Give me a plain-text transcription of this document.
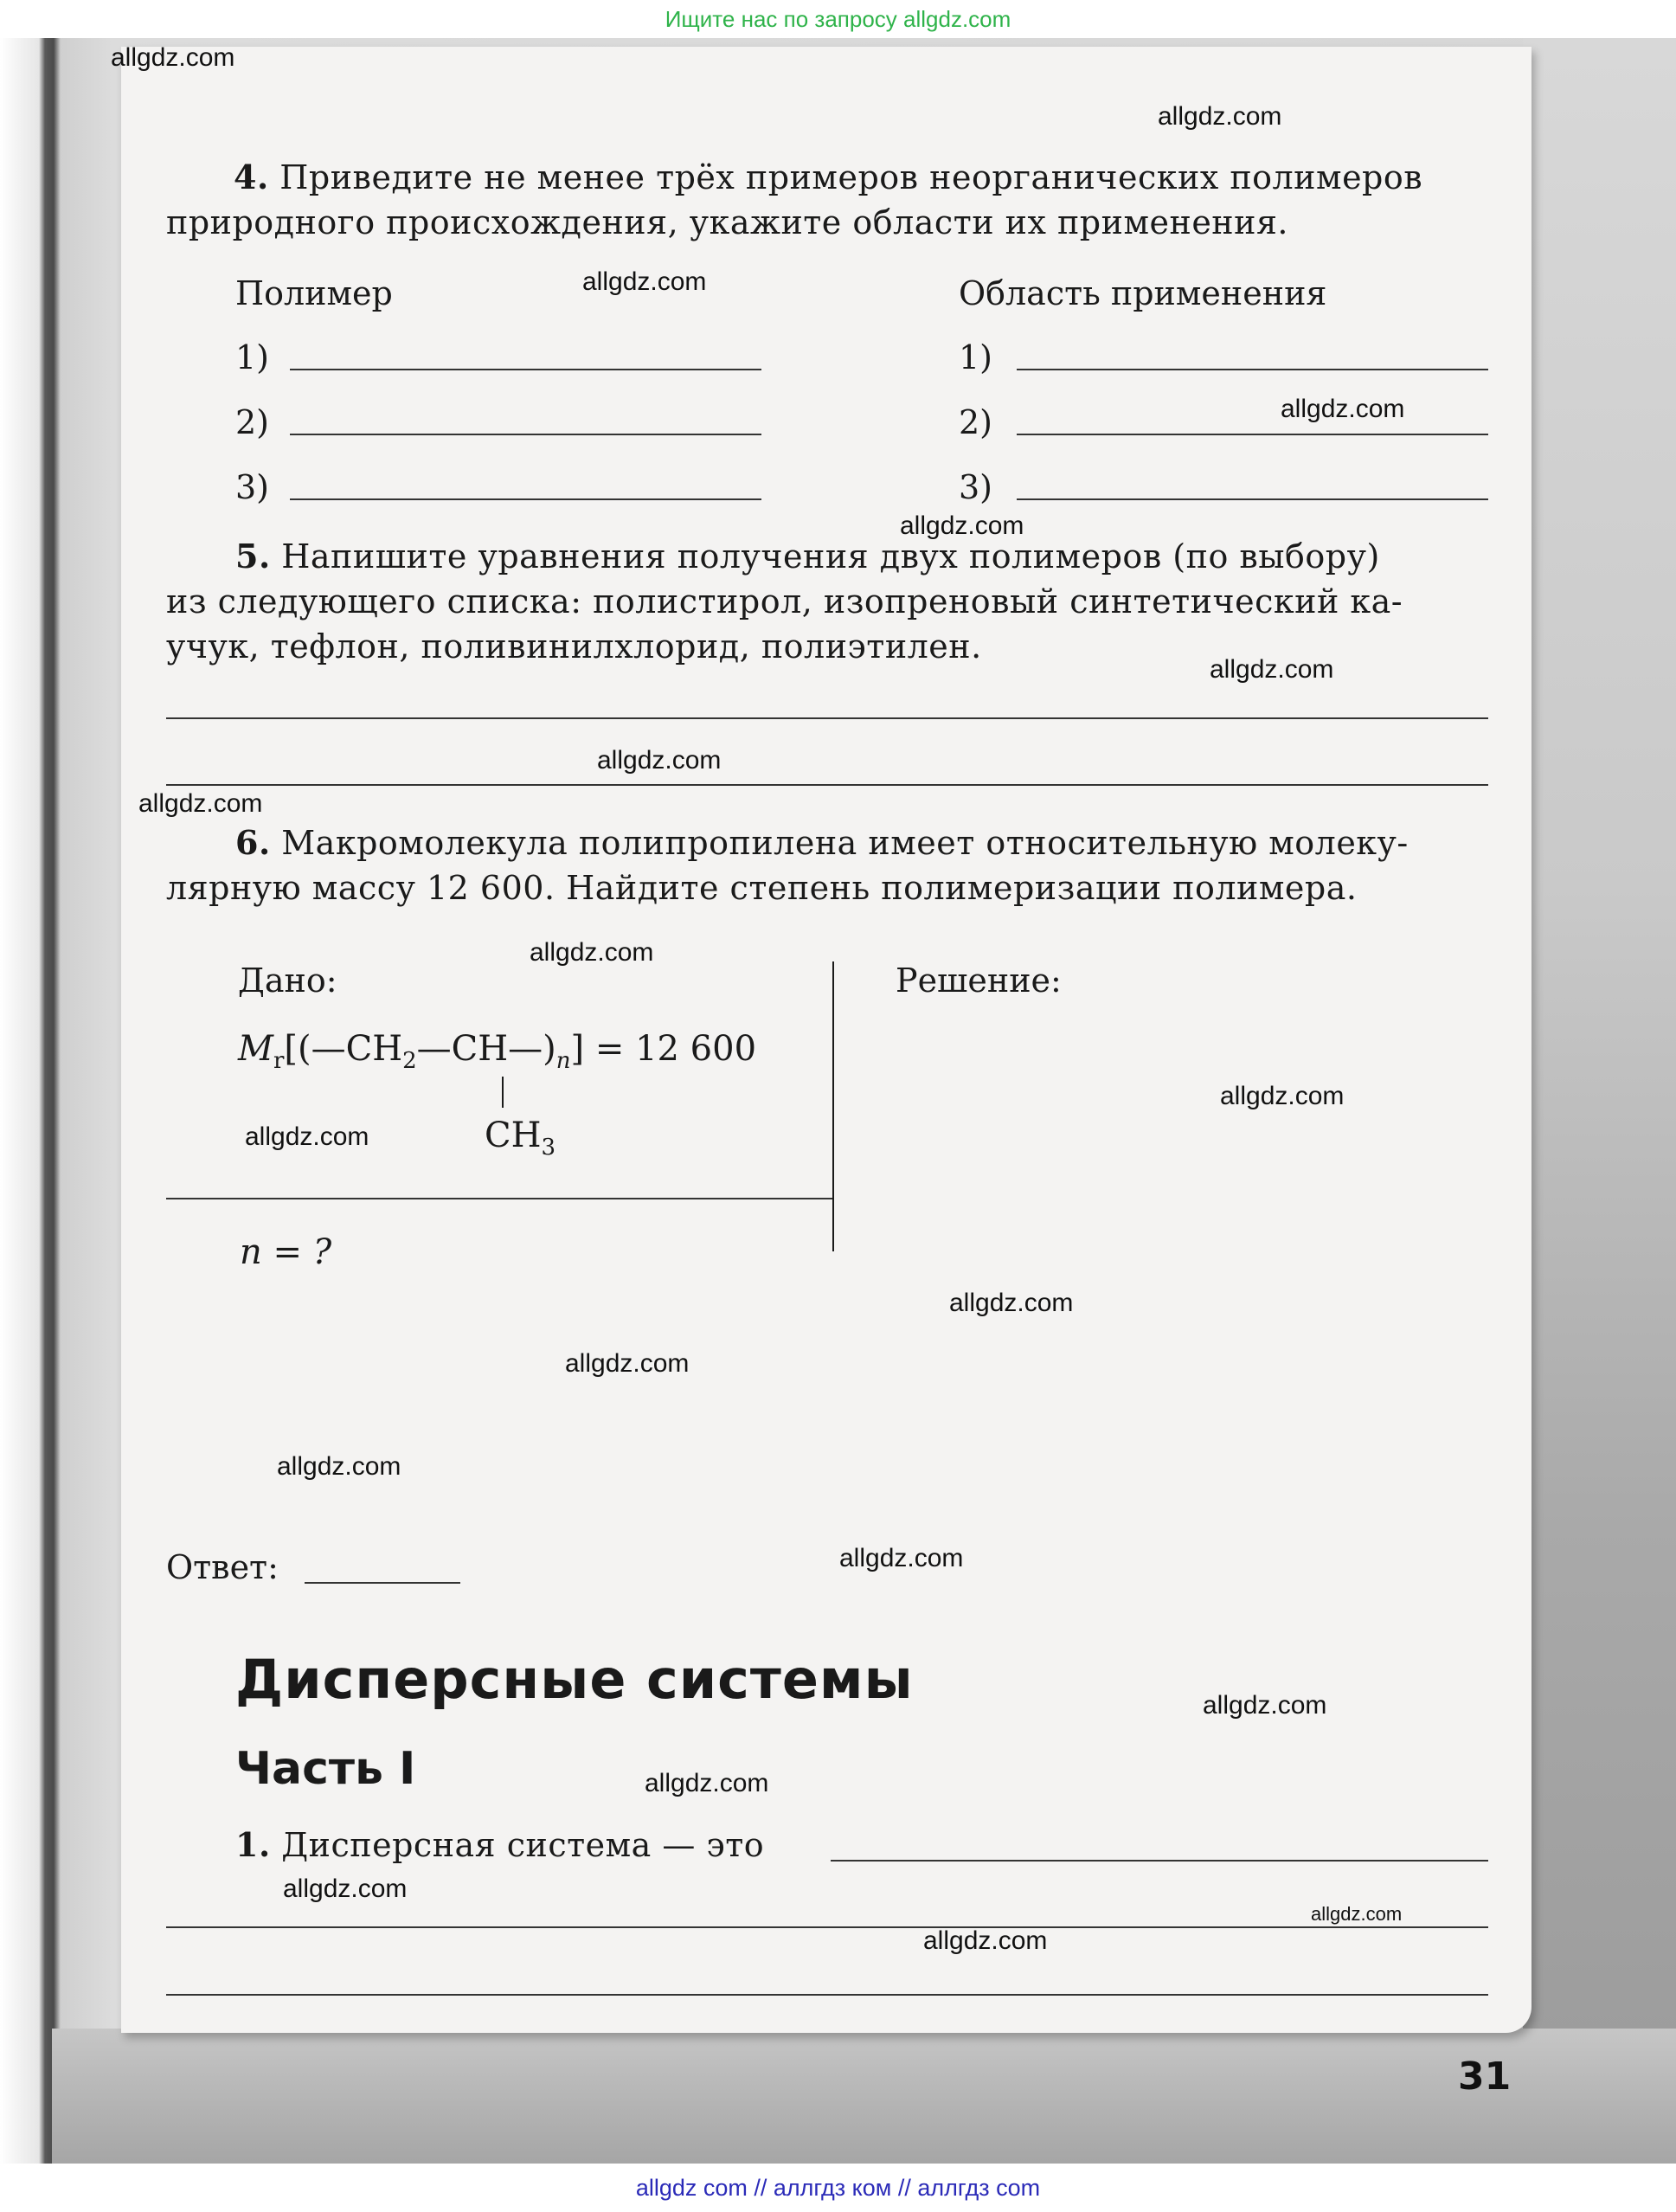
Ищите нас по запросу allgdz.com
4. Приведите не менее трёх примеров неорганических полимеров
природного происхождения, укажите области их применения.
Полимер	Область применения
1)	1)
2)	2)
3)	3)
5. Напишите уравнения получения двух полимеров (по выбору)
из следующего списка: полистирол, изопреновый синтетический ка-
учук, тефлон, поливинилхлорид, полиэтилен.
6. Макромолекула полипропилена имеет относительную молеку-
лярную массу 12 600. Найдите степень полимеризации полимера.
Дано:	Решение:
$M_r[(—CH_2—CH—)_n] = 12$ 600
$CH_3$
n = ?
Ответ:
Дисперсные системы
Часть I
1. Дисперсная система — это
31
allgdz.com
allgdz.com
allgdz.com
allgdz.com
allgdz.com
allgdz.com
allgdz.com
allgdz.com
allgdz.com
allgdz.com
allgdz.com
allgdz.com
allgdz.com
allgdz.com
allgdz.com
allgdz.com
allgdz.com
allgdz.com
allgdz.com
allgdz.com
allgdz com // аллгдз ком // аллгдз com
